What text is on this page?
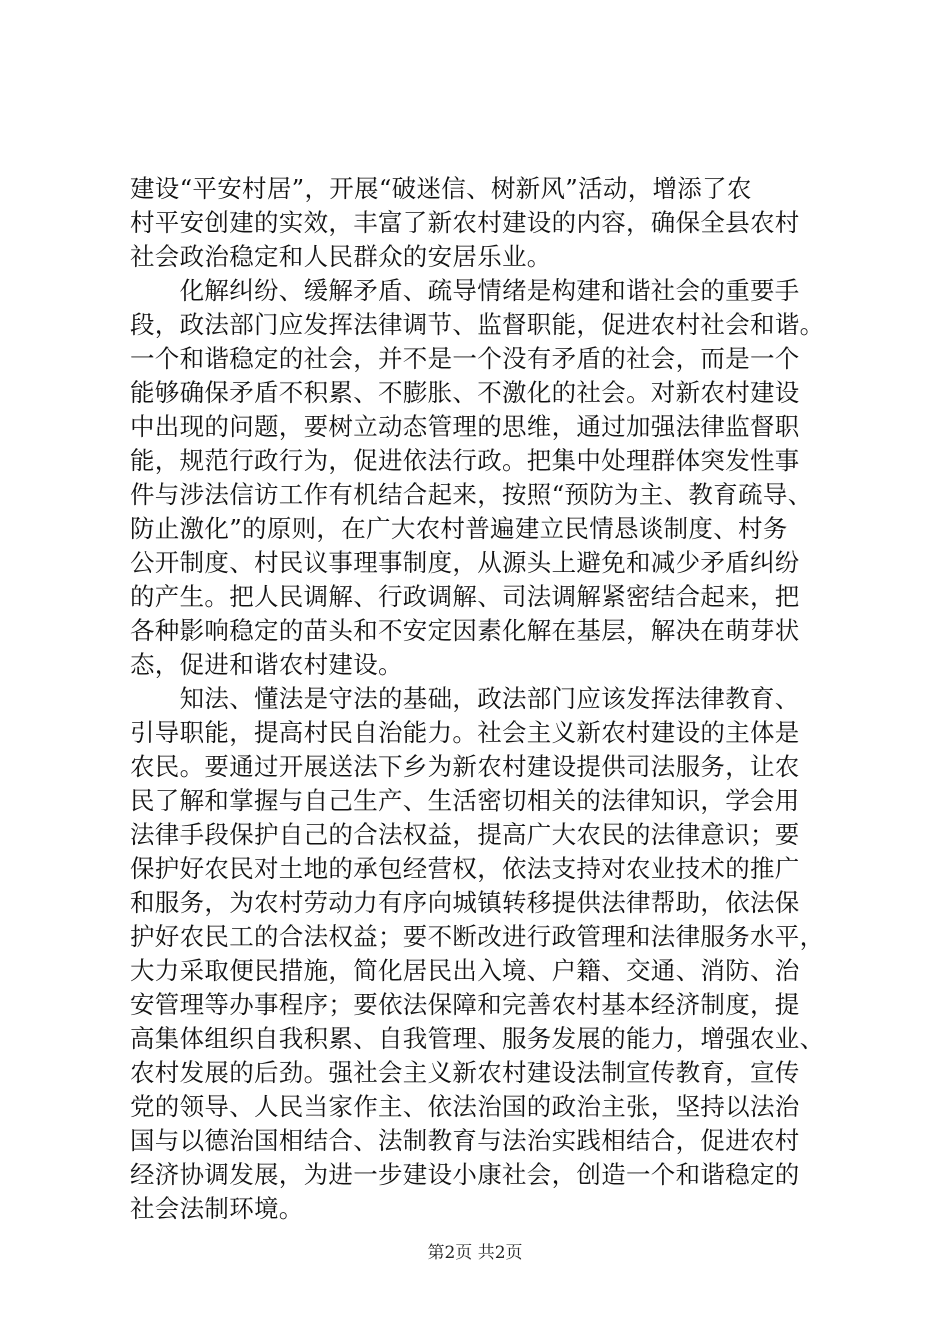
建设“平安村居”，开展“破迷信、树新风”活动，增添了农
村平安创建的实效，丰富了新农村建设的内容，确保全县农村
社会政治稳定和人民群众的安居乐业。
　　化解纠纷、缓解矛盾、疏导情绪是构建和谐社会的重要手
段，政法部门应发挥法律调节、监督职能，促进农村社会和谐。
一个和谐稳定的社会，并不是一个没有矛盾的社会，而是一个
能够确保矛盾不积累、不膨胀、不激化的社会。对新农村建设
中出现的问题，要树立动态管理的思维，通过加强法律监督职
能，规范行政行为，促进依法行政。把集中处理群体突发性事
件与涉法信访工作有机结合起来，按照“预防为主、教育疏导、
防止激化”的原则，在广大农村普遍建立民情恳谈制度、村务
公开制度、村民议事理事制度，从源头上避免和减少矛盾纠纷
的产生。把人民调解、行政调解、司法调解紧密结合起来，把
各种影响稳定的苗头和不安定因素化解在基层，解决在萌芽状
态，促进和谐农村建设。
　　知法、懂法是守法的基础，政法部门应该发挥法律教育、
引导职能，提高村民自治能力。社会主义新农村建设的主体是
农民。要通过开展送法下乡为新农村建设提供司法服务，让农
民了解和掌握与自己生产、生活密切相关的法律知识，学会用
法律手段保护自己的合法权益，提高广大农民的法律意识；要
保护好农民对土地的承包经营权，依法支持对农业技术的推广
和服务，为农村劳动力有序向城镇转移提供法律帮助，依法保
护好农民工的合法权益；要不断改进行政管理和法律服务水平，
大力采取便民措施，简化居民出入境、户籍、交通、消防、治
安管理等办事程序；要依法保障和完善农村基本经济制度，提
高集体组织自我积累、自我管理、服务发展的能力，增强农业、
农村发展的后劲。强社会主义新农村建设法制宣传教育，宣传
党的领导、人民当家作主、依法治国的政治主张，坚持以法治
国与以德治国相结合、法制教育与法治实践相结合，促进农村
经济协调发展，为进一步建设小康社会，创造一个和谐稳定的
社会法制环境。
第2页 共2页
